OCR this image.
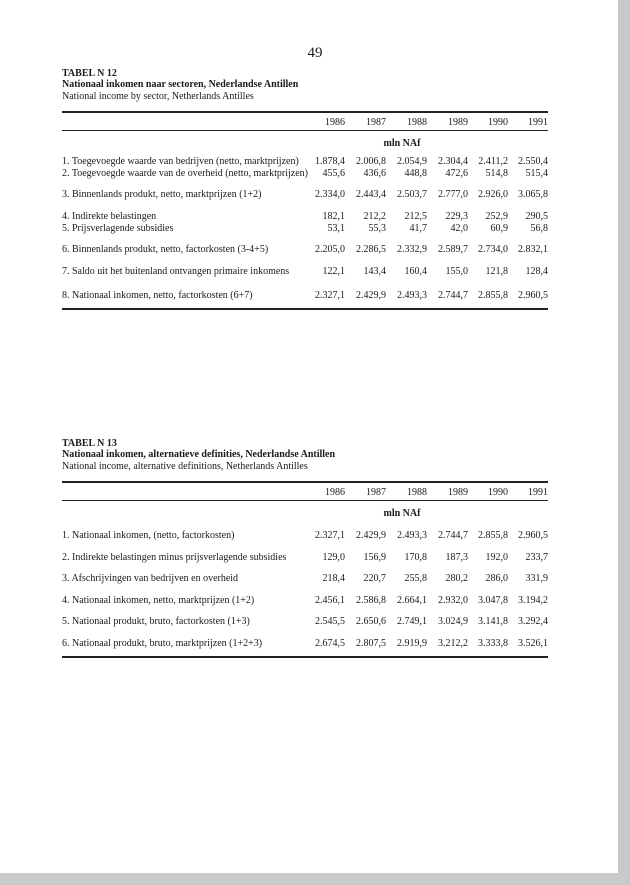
49
TABEL N 12
Nationaal inkomen naar sectoren, Nederlandse Antillen
National income by sector, Netherlands Antilles
1986	1987	1988	1989	1990	1991
mln NAf
1. Toegevoegde waarde van bedrijven (netto, marktprijzen)	1.878,4	2.006,8	2.054,9	2.304,4	2.411,2	2.550,4
2. Toegevoegde waarde van de overheid (netto, marktprijzen)	455,6	436,6	448,8	472,6	514,8	515,4
3. Binnenlands produkt, netto, marktprijzen (1+2)	2.334,0	2.443,4	2.503,7	2.777,0	2.926,0	3.065,8
4. Indirekte belastingen	182,1	212,2	212,5	229,3	252,9	290,5
5. Prijsverlagende subsidies	53,1	55,3	41,7	42,0	60,9	56,8
6. Binnenlands produkt, netto, factorkosten (3-4+5)	2.205,0	2.286,5	2.332,9	2.589,7	2.734,0	2.832,1
7. Saldo uit het buitenland ontvangen primaire inkomens	122,1	143,4	160,4	155,0	121,8	128,4
8. Nationaal inkomen, netto, factorkosten (6+7)	2.327,1	2.429,9	2.493,3	2.744,7	2.855,8	2.960,5
TABEL N 13
Nationaal inkomen, alternatieve definities, Nederlandse Antillen
National income, alternative definitions, Netherlands Antilles
1986	1987	1988	1989	1990	1991
mln NAf
1. Nationaal inkomen, (netto, factorkosten)	2.327,1	2.429,9	2.493,3	2.744,7	2.855,8	2.960,5
2. Indirekte belastingen minus prijsverlagende subsidies	129,0	156,9	170,8	187,3	192,0	233,7
3. Afschrijvingen van bedrijven en overheid	218,4	220,7	255,8	280,2	286,0	331,9
4. Nationaal inkomen, netto, marktprijzen (1+2)	2.456,1	2.586,8	2.664,1	2.932,0	3.047,8	3.194,2
5. Nationaal produkt, bruto, factorkosten (1+3)	2.545,5	2.650,6	2.749,1	3.024,9	3.141,8	3.292,4
6. Nationaal produkt, bruto, marktprijzen (1+2+3)	2.674,5	2.807,5	2.919,9	3.212,2	3.333,8	3.526,1
